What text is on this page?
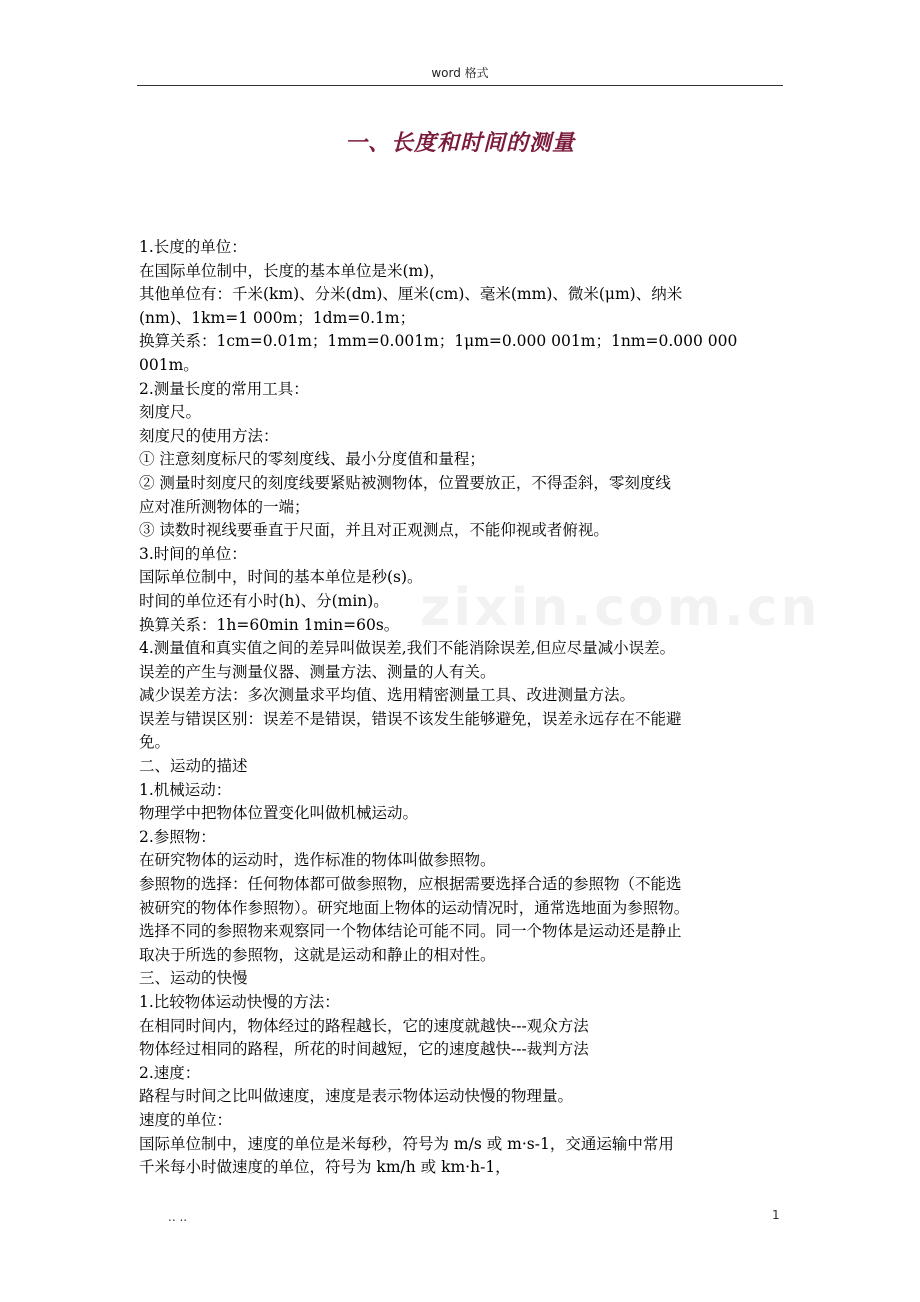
word 格式
一、长度和时间的测量
zixin.com.cn

1.长度的单位：

在国际单位制中，长度的基本单位是米(m)，

其他单位有：千米(km)、分米(dm)、厘米(cm)、毫米(mm)、微米(μm)、纳米

(nm)、1km=1 000m；1dm=0.1m；

换算关系：1cm=0.01m；1mm=0.001m；1μm=0.000 001m；1nm=0.000 000 001m。

2.测量长度的常用工具：

刻度尺。

刻度尺的使用方法：

① 注意刻度标尺的零刻度线、最小分度值和量程；

② 测量时刻度尺的刻度线要紧贴被测物体，位置要放正，不得歪斜，零刻度线

应对准所测物体的一端；

③ 读数时视线要垂直于尺面，并且对正观测点，不能仰视或者俯视。

3.时间的单位：

国际单位制中，时间的基本单位是秒(s)。

时间的单位还有小时(h)、分(min)。

换算关系：1h=60min 1min=60s。

4.测量值和真实值之间的差异叫做误差,我们不能消除误差,但应尽量减小误差。

误差的产生与测量仪器、测量方法、测量的人有关。

减少误差方法：多次测量求平均值、选用精密测量工具、改进测量方法。

误差与错误区别：误差不是错误，错误不该发生能够避免，误差永远存在不能避

免。

二、运动的描述

1.机械运动：

物理学中把物体位置变化叫做机械运动。

2.参照物：

在研究物体的运动时，选作标准的物体叫做参照物。

参照物的选择：任何物体都可做参照物，应根据需要选择合适的参照物（不能选

被研究的物体作参照物）。研究地面上物体的运动情况时，通常选地面为参照物。

选择不同的参照物来观察同一个物体结论可能不同。同一个物体是运动还是静止

取决于所选的参照物，这就是运动和静止的相对性。

三、运动的快慢

1.比较物体运动快慢的方法：

在相同时间内，物体经过的路程越长，它的速度就越快---观众方法

物体经过相同的路程，所花的时间越短，它的速度越快---裁判方法

2.速度：

路程与时间之比叫做速度，速度是表示物体运动快慢的物理量。

速度的单位：

国际单位制中，速度的单位是米每秒，符号为 m/s 或 m·s-1，交通运输中常用

千米每小时做速度的单位，符号为 km/h 或 km·h-1，

.. ..	1
